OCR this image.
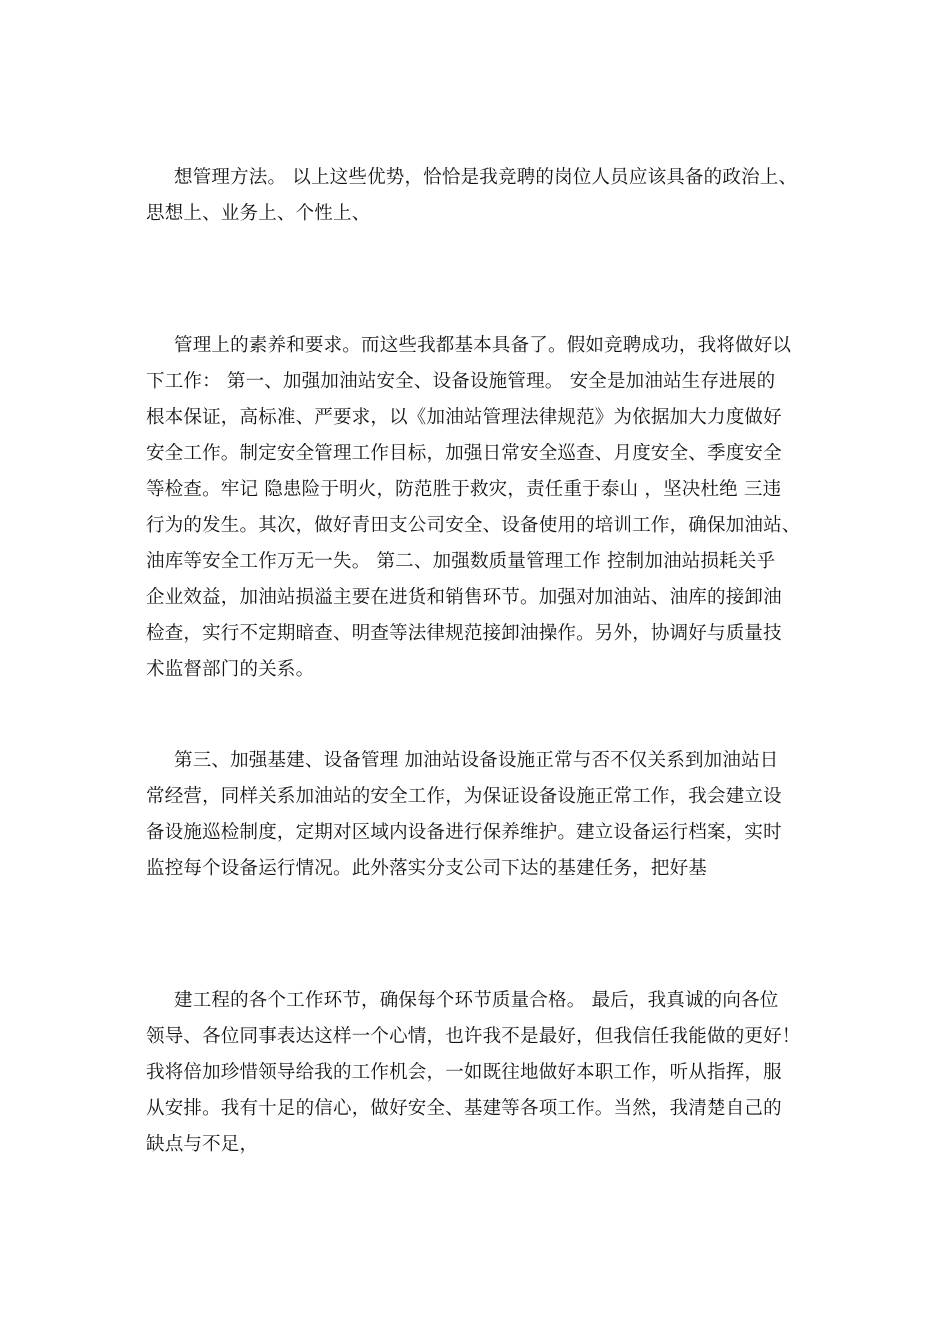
想管理方法。 以上这些优势，恰恰是我竞聘的岗位人员应该具备的政治上、
思想上、业务上、个性上、
管理上的素养和要求。而这些我都基本具备了。假如竞聘成功，我将做好以
下工作： 第一、加强加油站安全、设备设施管理。 安全是加油站生存进展的
根本保证，高标准、严要求，以《加油站管理法律规范》为依据加大力度做好
安全工作。制定安全管理工作目标，加强日常安全巡查、月度安全、季度安全
等检查。牢记 隐患险于明火，防范胜于救灾，责任重于泰山 ，坚决杜绝 三违
行为的发生。其次，做好青田支公司安全、设备使用的培训工作，确保加油站、
油库等安全工作万无一失。 第二、加强数质量管理工作 控制加油站损耗关乎
企业效益，加油站损溢主要在进货和销售环节。加强对加油站、油库的接卸油
检查，实行不定期暗查、明查等法律规范接卸油操作。另外，协调好与质量技
术监督部门的关系。
第三、加强基建、设备管理 加油站设备设施正常与否不仅关系到加油站日
常经营，同样关系加油站的安全工作，为保证设备设施正常工作，我会建立设
备设施巡检制度，定期对区域内设备进行保养维护。建立设备运行档案，实时
监控每个设备运行情况。此外落实分支公司下达的基建任务，把好基
建工程的各个工作环节，确保每个环节质量合格。 最后，我真诚的向各位
领导、各位同事表达这样一个心情，也许我不是最好，但我信任我能做的更好！
我将倍加珍惜领导给我的工作机会，一如既往地做好本职工作，听从指挥，服
从安排。我有十足的信心，做好安全、基建等各项工作。当然，我清楚自己的
缺点与不足，
